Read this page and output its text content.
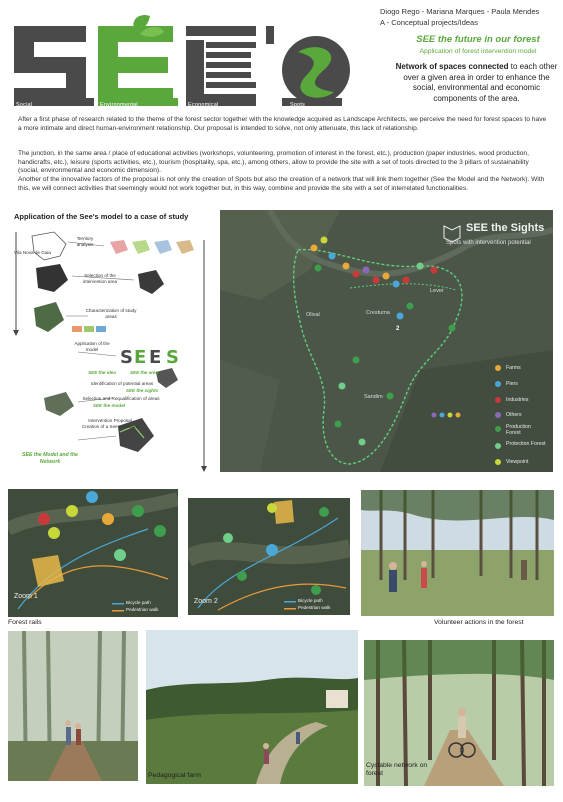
Diogo Rego - Mariana Marques - Paula Mendes
A - Conceptual projects/Ideas
Social	Environmental	Economical	Spots
SEE the future in our forest
Application of forest intervention model
Network of spaces connected to each other over a given area in order to enhance the social, environmental and economic components of the area.
After a first phase of research related to the theme of the forest sector together with the knowledge acquired as Landscape Architects, we perceive the need for forest spaces to have a more intimate and direct human-environment relationship. Our proposal is intended to solve, not only attenuate, this lack of relationship.
The junction, in the same area / place of educational activities (workshops, volunteering, promotion of interest in the forest, etc.), production (paper industries, wood production, handicrafts, etc.), leisure (sports activities, etc.), tourism (hospitality, spa, etc.), among others, allow to provide the site with a set of tools directed to the 3 pillars of sustainability (social, environmental and economic dimension).
Another of the innovative factors of the proposal is not only the creation of Spots but also the creation of a network that will link them together (See the Model and the Network). With this, we will connect activities that seemingly would not work together but, in this way, combine and provide the site with a set of interrelated functionalities.
Application of the See's model to a case of study
S E E S
Vila Nova de Gaia
Territory analysis
Selection of the intervention area
Characterization of study areas
Application of the model
SEE the idea	SEE the area
Identification of potential areas
SEE the sights
Selection and Requalification of areas
SEE the model
Intervention Proposal
Creation of a See's network
SEE the Model and the Network
SEE the Sights
Spots with intervention potential
Olival	Crestuma
Lever
Sandim
2
Farms
Piers
Industries
Others
Production Forest
Protection Forest
Viewpoint
Zoom 1
Bicycle path
Pedestrian walk
Zoom 2	Bicycle path
Pedestrian walk
Forest rails	Volunteer actions in the forest
Pedagogical farm
Cyclable network on forest
